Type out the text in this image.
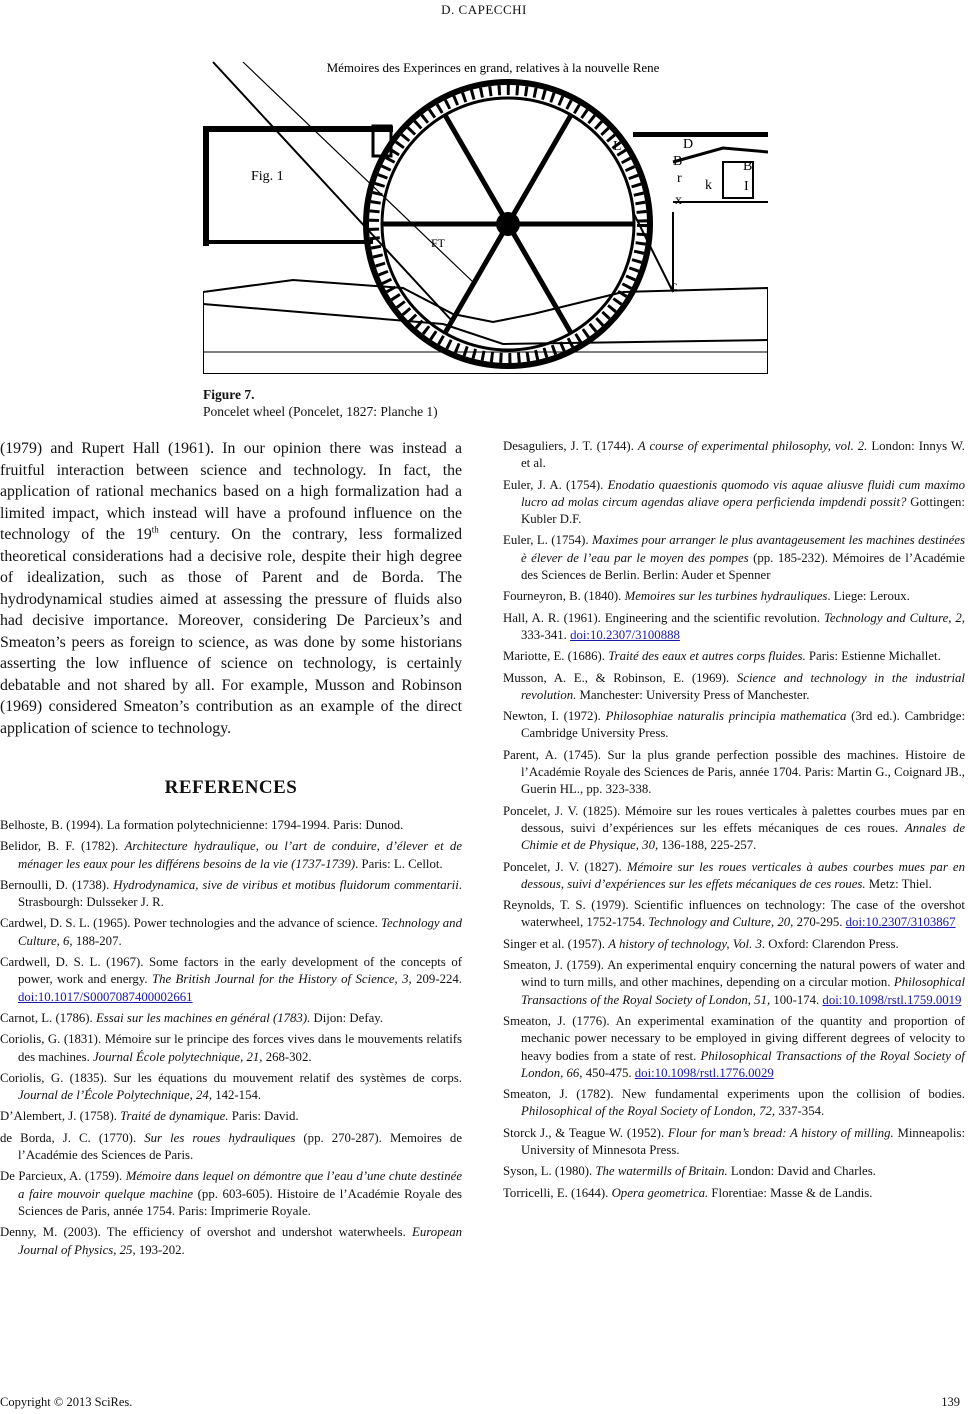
D. CAPECCHI
Mémoires des Experinces en grand, relatives à la nouvelle Rene
Fig. 1
L	D
B
r k
B
I
x
FT
c
Figure 7.
Poncelet wheel (Poncelet, 1827: Planche 1)

(1979) and Rupert Hall (1961). In our opinion there was instead a fruitful interaction between science and technology. In fact, the application of rational mechanics based on a high formalization had a limited impact, which instead will have a profound influence on the technology of the 19th century. On the contrary, less formalized theoretical considerations had a decisive role, despite their high degree of idealization, such as those of Parent and de Borda. The hydrodynamical studies aimed at assessing the pressure of fluids also had decisive importance. Moreover, considering De Parcieux’s and Smeaton’s peers as foreign to science, as was done by some historians asserting the low influence of science on technology, is certainly debatable and not shared by all. For example, Musson and Robinson (1969) considered Smeaton’s contribution as an example of the direct application of science to technology.

REFERENCES

Belhoste, B. (1994). La formation polytechnicienne: 1794-1994. Paris: Dunod.

Belidor, B. F. (1782). Architecture hydraulique, ou l’art de conduire, d’élever et de ménager les eaux pour les différens besoins de la vie (1737-1739). Paris: L. Cellot.

Bernoulli, D. (1738). Hydrodynamica, sive de viribus et motibus fluidorum commentarii. Strasbourgh: Dulsseker J. R.

Cardwel, D. S. L. (1965). Power technologies and the advance of science. Technology and Culture, 6, 188-207.

Cardwell, D. S. L. (1967). Some factors in the early development of the concepts of power, work and energy. The British Journal for the History of Science, 3, 209-224. doi:10.1017/S0007087400002661

Carnot, L. (1786). Essai sur les machines en général (1783). Dijon: Defay.

Coriolis, G. (1831). Mémoire sur le principe des forces vives dans le mouvements relatifs des machines. Journal École polytechnique, 21, 268-302.

Coriolis, G. (1835). Sur les équations du mouvement relatif des systèmes de corps. Journal de l’École Polytechnique, 24, 142-154.

D’Alembert, J. (1758). Traité de dynamique. Paris: David.

de Borda, J. C. (1770). Sur les roues hydrauliques (pp. 270-287). Memoires de l’Académie des Sciences de Paris.

De Parcieux, A. (1759). Mémoire dans lequel on démontre que l’eau d’une chute destinée a faire mouvoir quelque machine (pp. 603-605). Histoire de l’Académie Royale des Sciences de Paris, année 1754. Paris: Imprimerie Royale.

Denny, M. (2003). The efficiency of overshot and undershot waterwheels. European Journal of Physics, 25, 193-202.

Desaguliers, J. T. (1744). A course of experimental philosophy, vol. 2. London: Innys W. et al.

Euler, J. A. (1754). Enodatio quaestionis quomodo vis aquae aliusve fluidi cum maximo lucro ad molas circum agendas aliave opera perficienda impdendi possit? Gottingen: Kubler D.F.

Euler, L. (1754). Maximes pour arranger le plus avantageusement les machines destinées è élever de l’eau par le moyen des pompes (pp. 185-232). Mémoires de l’Académie des Sciences de Berlin. Berlin: Auder et Spenner

Fourneyron, B. (1840). Memoires sur les turbines hydrauliques. Liege: Leroux.

Hall, A. R. (1961). Engineering and the scientific revolution. Technology and Culture, 2, 333-341. doi:10.2307/3100888

Mariotte, E. (1686). Traité des eaux et autres corps fluides. Paris: Estienne Michallet.

Musson, A. E., & Robinson, E. (1969). Science and technology in the industrial revolution. Manchester: University Press of Manchester.

Newton, I. (1972). Philosophiae naturalis principia mathematica (3rd ed.). Cambridge: Cambridge University Press.

Parent, A. (1745). Sur la plus grande perfection possible des machines. Histoire de l’Académie Royale des Sciences de Paris, année 1704. Paris: Martin G., Coignard JB., Guerin HL., pp. 323-338.

Poncelet, J. V. (1825). Mémoire sur les roues verticales à palettes courbes mues par en dessous, suivi d’expériences sur les effets mécaniques de ces roues. Annales de Chimie et de Physique, 30, 136-188, 225-257.

Poncelet, J. V. (1827). Mémoire sur les roues verticales à aubes courbes mues par en dessous, suivi d’expériences sur les effets mécaniques de ces roues. Metz: Thiel.

Reynolds, T. S. (1979). Scientific influences on technology: The case of the overshot waterwheel, 1752-1754. Technology and Culture, 20, 270-295. doi:10.2307/3103867

Singer et al. (1957). A history of technology, Vol. 3. Oxford: Clarendon Press.

Smeaton, J. (1759). An experimental enquiry concerning the natural powers of water and wind to turn mills, and other machines, depending on a circular motion. Philosophical Transactions of the Royal Society of London, 51, 100-174. doi:10.1098/rstl.1759.0019

Smeaton, J. (1776). An experimental examination of the quantity and proportion of mechanic power necessary to be employed in giving different degrees of velocity to heavy bodies from a state of rest. Philosophical Transactions of the Royal Society of London, 66, 450-475. doi:10.1098/rstl.1776.0029

Smeaton, J. (1782). New fundamental experiments upon the collision of bodies. Philosophical of the Royal Society of London, 72, 337-354.

Storck J., & Teague W. (1952). Flour for man’s bread: A history of milling. Minneapolis: University of Minnesota Press.

Syson, L. (1980). The watermills of Britain. London: David and Charles.

Torricelli, E. (1644). Opera geometrica. Florentiae: Masse & de Landis.

Copyright © 2013 SciRes.	139
